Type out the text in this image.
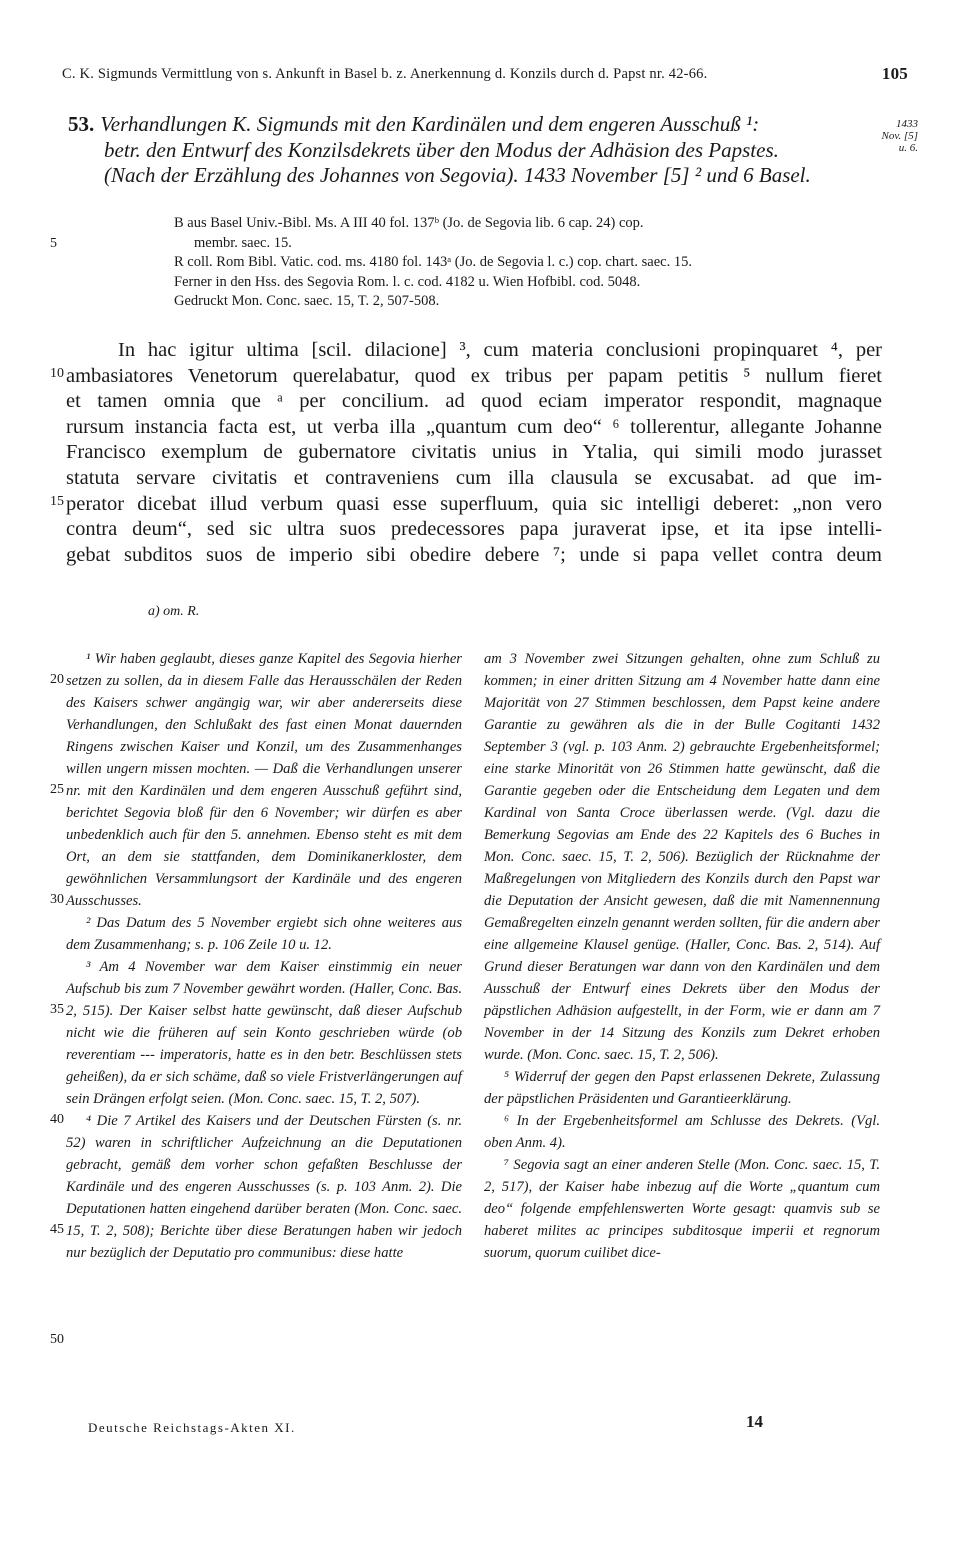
C. K. Sigmunds Vermittlung von s. Ankunft in Basel b. z. Anerkennung d. Konzils durch d. Papst nr. 42-66.	105
1433
Nov. [5]
u. 6.
53. Verhandlungen K. Sigmunds mit den Kardinälen und dem engeren Ausschuß ¹:
betr. den Entwurf des Konzilsdekrets über den Modus der Adhäsion des Papstes.
(Nach der Erzählung des Johannes von Segovia). 1433 November [5] ² und 6 Basel.
B aus Basel Univ.-Bibl. Ms. A III 40 fol. 137ᵇ (Jo. de Segovia lib. 6 cap. 24) cop.
membr. saec. 15.
R coll. Rom Bibl. Vatic. cod. ms. 4180 fol. 143ᵃ (Jo. de Segovia l. c.) cop. chart. saec. 15.
Ferner in den Hss. des Segovia Rom. l. c. cod. 4182 u. Wien Hofbibl. cod. 5048.
Gedruckt Mon. Conc. saec. 15, T. 2, 507-508.
5
10
15
20
25
30
35
40
45
50
In hac igitur ultima [scil. dilacione] ³, cum materia conclusioni propinquaret ⁴, per
ambasiatores Venetorum querelabatur, quod ex tribus per papam petitis ⁵ nullum fieret
et tamen omnia que ᵃ per concilium. ad quod eciam imperator respondit, magnaque
rursum instancia facta est, ut verba illa „quantum cum deo“ ⁶ tollerentur, allegante Johanne
Francisco exemplum de gubernatore civitatis unius in Ytalia, qui simili modo jurasset
statuta servare civitatis et contraveniens cum illa clausula se excusabat. ad que im-
perator dicebat illud verbum quasi esse superfluum, quia sic intelligi deberet: „non vero
contra deum“, sed sic ultra suos predecessores papa juraverat ipse, et ita ipse intelli-
gebat subditos suos de imperio sibi obedire debere ⁷; unde si papa vellet contra deum
a) om. R.

¹ Wir haben geglaubt, dieses ganze Kapitel des Segovia hierher setzen zu sollen, da in diesem Falle das Herausschälen der Reden des Kaisers schwer angängig war, wir aber andererseits diese Verhandlungen, den Schlußakt des fast einen Monat dauernden Ringens zwischen Kaiser und Konzil, um des Zusammenhanges willen ungern missen mochten. — Daß die Verhandlungen unserer nr. mit den Kardinälen und dem engeren Ausschuß geführt sind, berichtet Segovia bloß für den 6 November; wir dürfen es aber unbedenklich auch für den 5. annehmen. Ebenso steht es mit dem Ort, an dem sie stattfanden, dem Dominikanerkloster, dem gewöhnlichen Versammlungsort der Kardinäle und des engeren Ausschusses.

² Das Datum des 5 November ergiebt sich ohne weiteres aus dem Zusammenhang; s. p. 106 Zeile 10 u. 12.

³ Am 4 November war dem Kaiser einstimmig ein neuer Aufschub bis zum 7 November gewährt worden. (Haller, Conc. Bas. 2, 515). Der Kaiser selbst hatte gewünscht, daß dieser Aufschub nicht wie die früheren auf sein Konto geschrieben würde (ob reverentiam --- imperatoris, hatte es in den betr. Beschlüssen stets geheißen), da er sich schäme, daß so viele Fristverlängerungen auf sein Drängen erfolgt seien. (Mon. Conc. saec. 15, T. 2, 507).

⁴ Die 7 Artikel des Kaisers und der Deutschen Fürsten (s. nr. 52) waren in schriftlicher Aufzeichnung an die Deputationen gebracht, gemäß dem vorher schon gefaßten Beschlusse der Kardinäle und des engeren Ausschusses (s. p. 103 Anm. 2). Die Deputationen hatten eingehend darüber beraten (Mon. Conc. saec. 15, T. 2, 508); Berichte über diese Beratungen haben wir jedoch nur bezüglich der Deputatio pro communibus: diese hatte

am 3 November zwei Sitzungen gehalten, ohne zum Schluß zu kommen; in einer dritten Sitzung am 4 November hatte dann eine Majorität von 27 Stimmen beschlossen, dem Papst keine andere Garantie zu gewähren als die in der Bulle Cogitanti 1432 September 3 (vgl. p. 103 Anm. 2) gebrauchte Ergebenheitsformel; eine starke Minorität von 26 Stimmen hatte gewünscht, daß die Garantie gegeben oder die Entscheidung dem Legaten und dem Kardinal von Santa Croce überlassen werde. (Vgl. dazu die Bemerkung Segovias am Ende des 22 Kapitels des 6 Buches in Mon. Conc. saec. 15, T. 2, 506). Bezüglich der Rücknahme der Maßregelungen von Mitgliedern des Konzils durch den Papst war die Deputation der Ansicht gewesen, daß die mit Namennennung Gemaßregelten einzeln genannt werden sollten, für die andern aber eine allgemeine Klausel genüge. (Haller, Conc. Bas. 2, 514). Auf Grund dieser Beratungen war dann von den Kardinälen und dem Ausschuß der Entwurf eines Dekrets über den Modus der päpstlichen Adhäsion aufgestellt, in der Form, wie er dann am 7 November in der 14 Sitzung des Konzils zum Dekret erhoben wurde. (Mon. Conc. saec. 15, T. 2, 506).

⁵ Widerruf der gegen den Papst erlassenen Dekrete, Zulassung der päpstlichen Präsidenten und Garantieerklärung.

⁶ In der Ergebenheitsformel am Schlusse des Dekrets. (Vgl. oben Anm. 4).

⁷ Segovia sagt an einer anderen Stelle (Mon. Conc. saec. 15, T. 2, 517), der Kaiser habe inbezug auf die Worte „quantum cum deo“ folgende empfehlenswerten Worte gesagt: quamvis sub se haberet milites ac principes subditosque imperii et regnorum suorum, quorum cuilibet dice-

Deutsche Reichstags-Akten XI.	14
